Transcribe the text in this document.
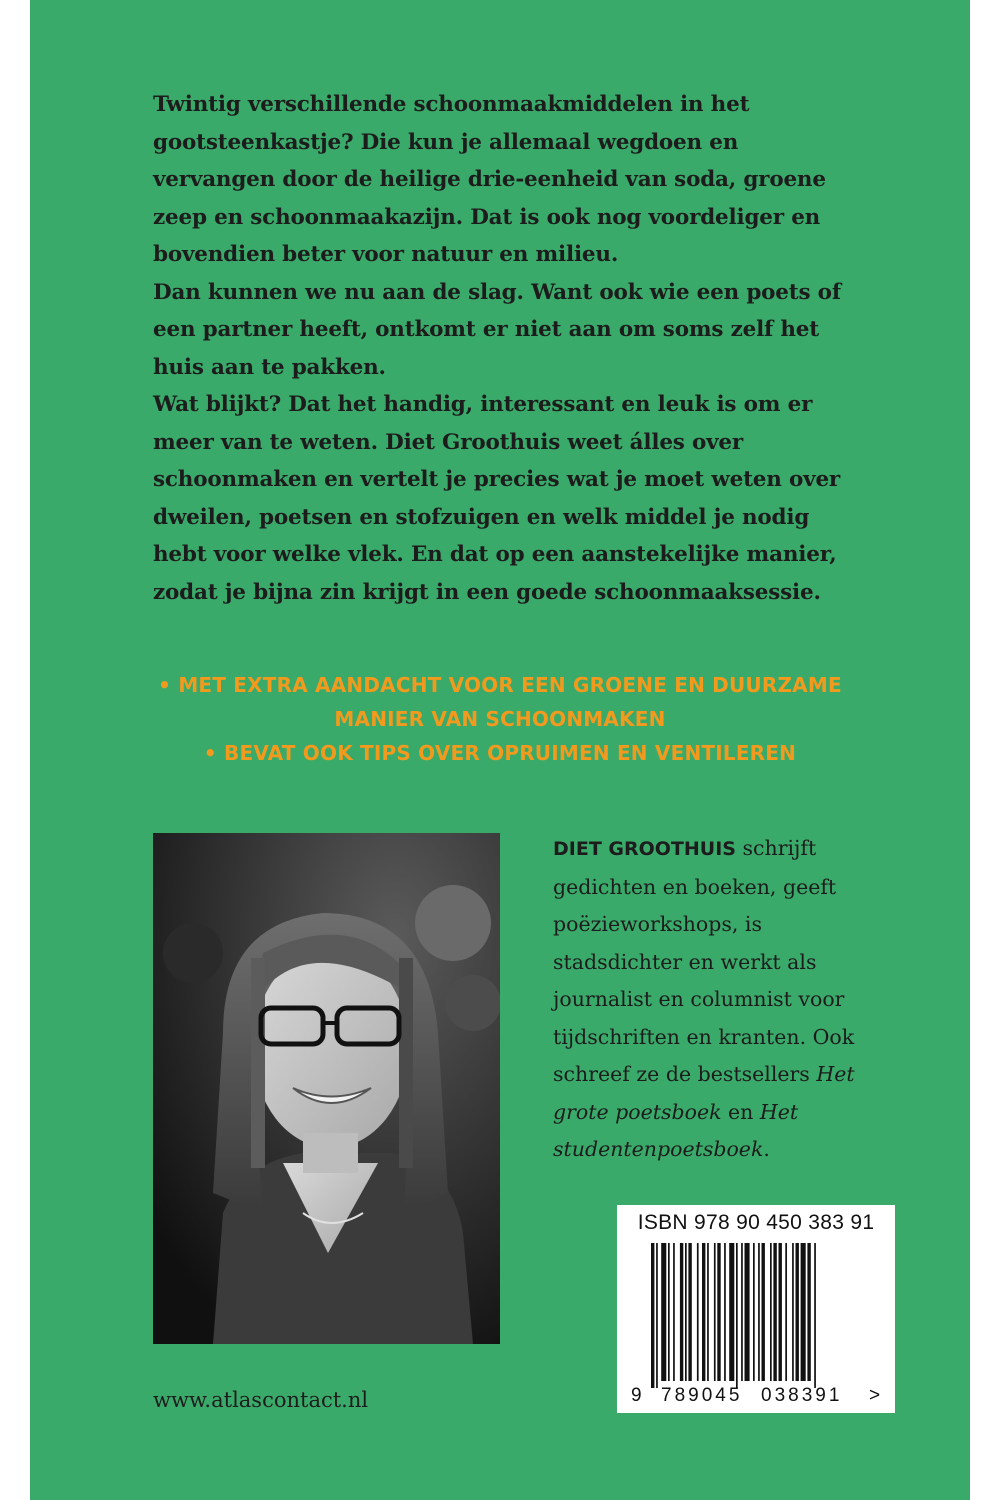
Twintig verschillende schoonmaakmiddelen in het gootsteenkastje? Die kun je allemaal wegdoen en vervangen door de heilige drie-eenheid van soda, groene zeep en schoonmaakazijn. Dat is ook nog voordeliger en bovendien beter voor natuur en milieu.

Dan kunnen we nu aan de slag. Want ook wie een poets of een partner heeft, ontkomt er niet aan om soms zelf het huis aan te pakken.

Wat blijkt? Dat het handig, interessant en leuk is om er meer van te weten. Diet Groothuis weet álles over schoonmaken en vertelt je precies wat je moet weten over dweilen, poetsen en stofzuigen en welk middel je nodig hebt voor welke vlek. En dat op een aanstekelijke manier, zodat je bijna zin krijgt in een goede schoonmaaksessie.

• MET EXTRA AANDACHT VOOR EEN GROENE EN DUURZAME
MANIER VAN SCHOONMAKEN
• BEVAT OOK TIPS OVER OPRUIMEN EN VENTILEREN
DIET GROOTHUIS schrijft gedichten en boeken, geeft poëzieworkshops, is stadsdichter en werkt als journalist en columnist voor tijdschriften en kranten. Ook schreef ze de bestsellers Het grote poetsboek en Het studentenpoetsboek.
ISBN 978 90 450 383 91
9 789045 038391 >
www.atlascontact.nl
